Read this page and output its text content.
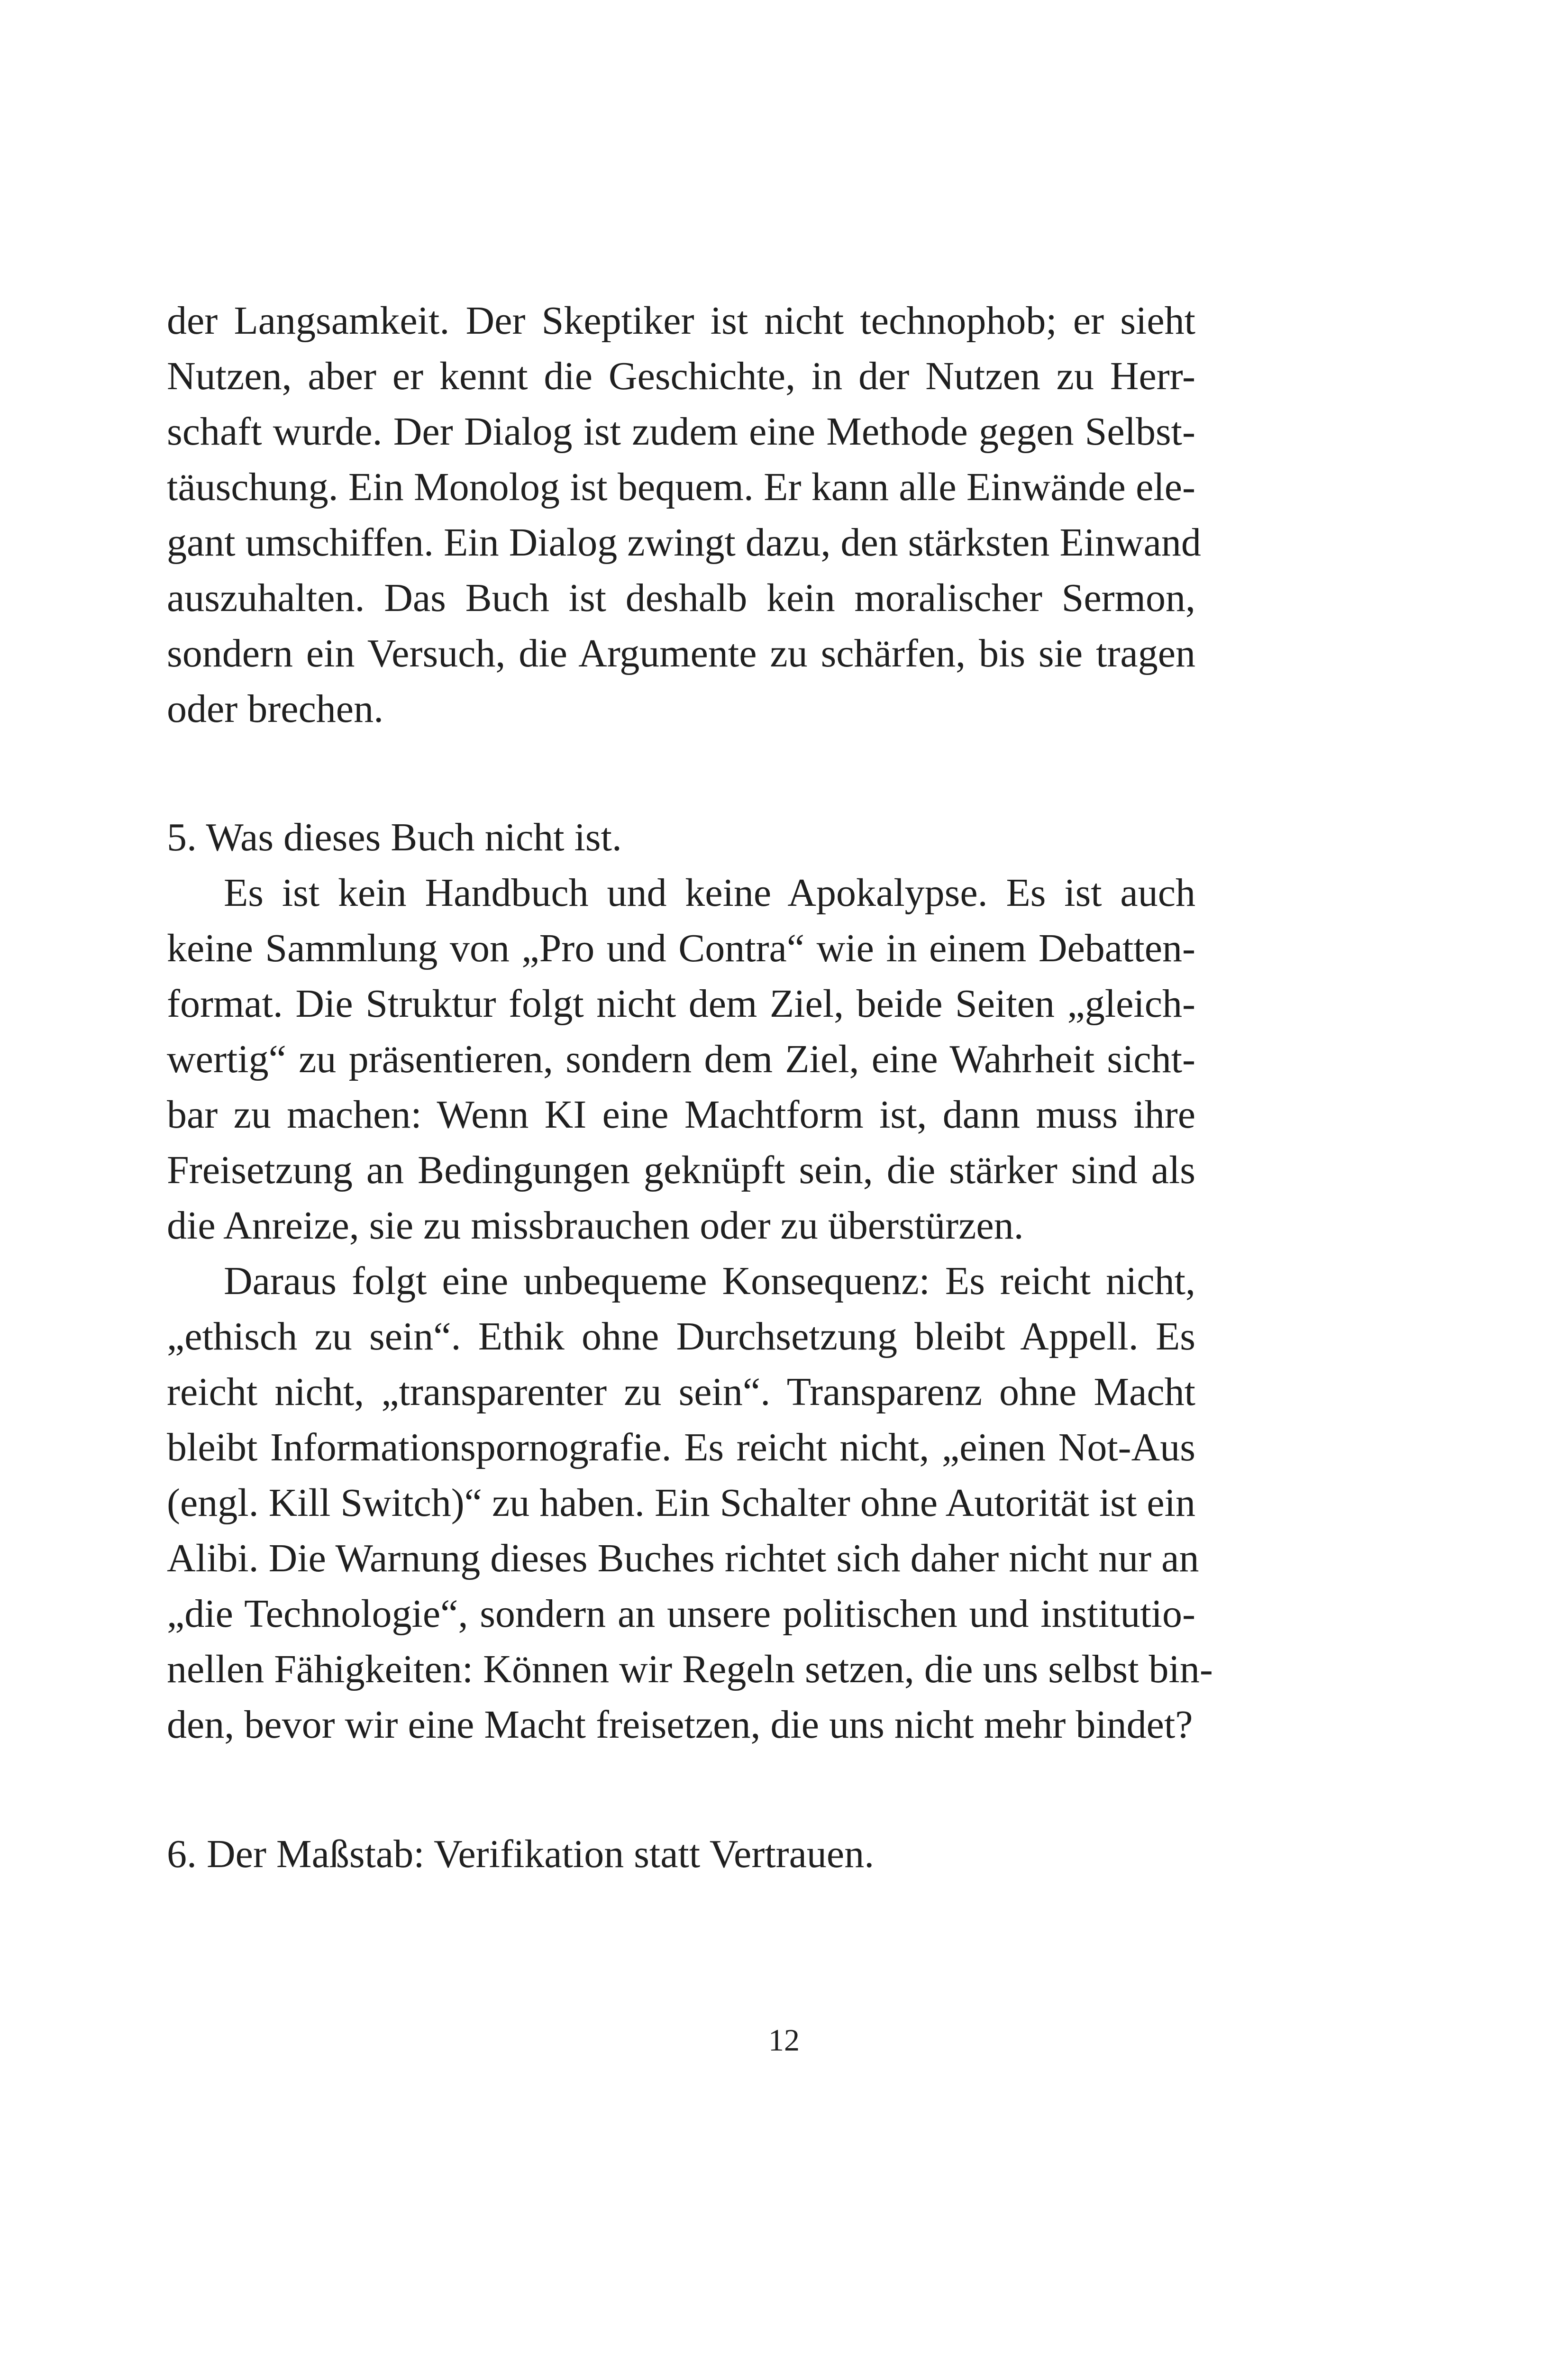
der Langsamkeit. Der Skeptiker ist nicht technophob; er sieht
Nutzen, aber er kennt die Geschichte, in der Nutzen zu Herr-
schaft wurde. Der Dialog ist zudem eine Methode gegen Selbst-
täuschung. Ein Monolog ist bequem. Er kann alle Einwände ele-
gant umschiffen. Ein Dialog zwingt dazu, den stärksten Einwand
auszuhalten. Das Buch ist deshalb kein moralischer Sermon,
sondern ein Versuch, die Argumente zu schärfen, bis sie tragen
oder brechen.
5. Was dieses Buch nicht ist.
Es ist kein Handbuch und keine Apokalypse. Es ist auch
keine Sammlung von „Pro und Contra“ wie in einem Debatten-
format. Die Struktur folgt nicht dem Ziel, beide Seiten „gleich-
wertig“ zu präsentieren, sondern dem Ziel, eine Wahrheit sicht-
bar zu machen: Wenn KI eine Machtform ist, dann muss ihre
Freisetzung an Bedingungen geknüpft sein, die stärker sind als
die Anreize, sie zu missbrauchen oder zu überstürzen.
Daraus folgt eine unbequeme Konsequenz: Es reicht nicht,
„ethisch zu sein“. Ethik ohne Durchsetzung bleibt Appell. Es
reicht nicht, „transparenter zu sein“. Transparenz ohne Macht
bleibt Informationspornografie. Es reicht nicht, „einen Not-Aus
(engl. Kill Switch)“ zu haben. Ein Schalter ohne Autorität ist ein
Alibi. Die Warnung dieses Buches richtet sich daher nicht nur an
„die Technologie“, sondern an unsere politischen und institutio-
nellen Fähigkeiten: Können wir Regeln setzen, die uns selbst bin-
den, bevor wir eine Macht freisetzen, die uns nicht mehr bindet?
6. Der Maßstab: Verifikation statt Vertrauen.
12
